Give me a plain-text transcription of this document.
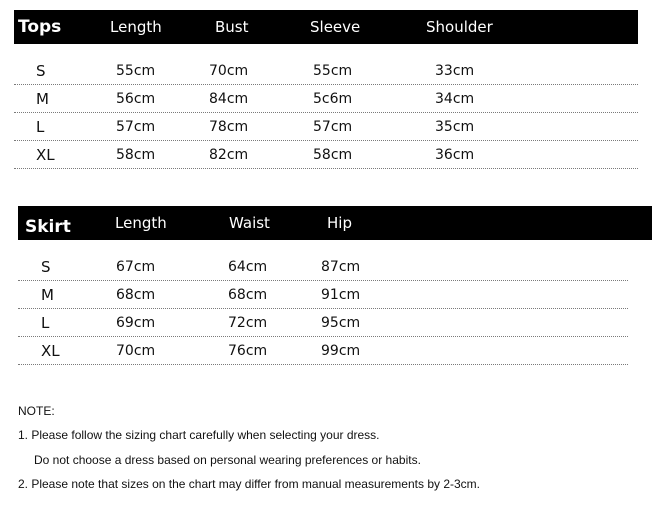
Tops	Length	Bust	Sleeve	Shoulder
S	55cm	70cm	55cm	33cm
M	56cm	84cm	5c6m	34cm
L	57cm	78cm	57cm	35cm
XL	58cm	82cm	58cm	36cm
Skirt	Length	Waist	Hip
S	67cm	64cm	87cm
M	68cm	68cm	91cm
L	69cm	72cm	95cm
XL	70cm	76cm	99cm
NOTE:
1. Please follow the sizing chart carefully when selecting your dress.
Do not choose a dress based on personal wearing preferences or habits.
2. Please note that sizes on the chart may differ from manual measurements by 2-3cm.
